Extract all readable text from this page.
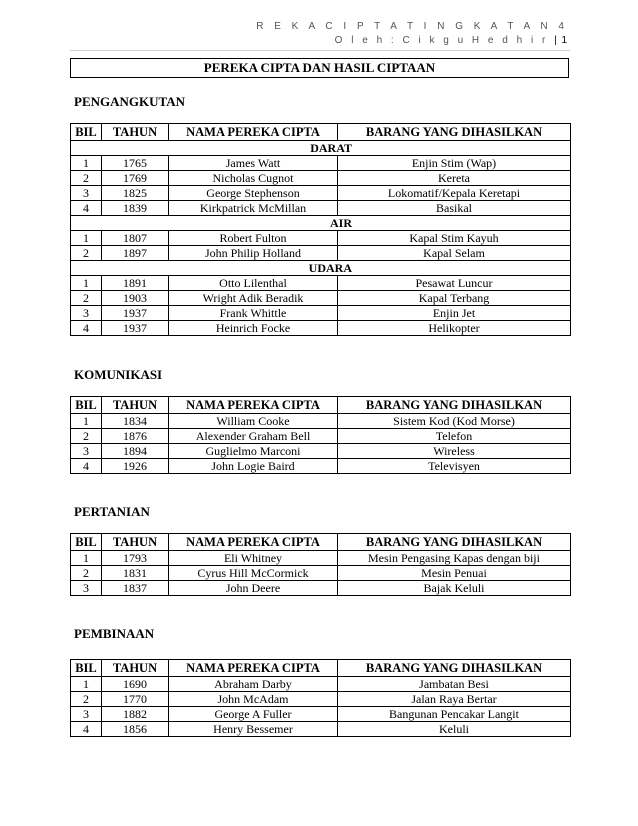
R E K A C I P T A T I N G K A T A N 4
O l e h : C i k g u H e d h i r | 1
PEREKA CIPTA DAN HASIL CIPTAAN
PENGANGKUTAN
BIL	TAHUN	NAMA PEREKA CIPTA	BARANG YANG DIHASILKAN
DARAT			
1	1765	James Watt	Enjin Stim (Wap)
2	1769	Nicholas Cugnot	Kereta
3	1825	George Stephenson	Lokomatif/Kepala Keretapi
4	1839	Kirkpatrick McMillan	Basikal
AIR			
1	1807	Robert Fulton	Kapal Stim Kayuh
2	1897	John Philip Holland	Kapal Selam
UDARA			
1	1891	Otto Lilenthal	Pesawat Luncur
2	1903	Wright Adik Beradik	Kapal Terbang
3	1937	Frank Whittle	Enjin Jet
4	1937	Heinrich Focke	Helikopter
KOMUNIKASI
BIL	TAHUN	NAMA PEREKA CIPTA	BARANG YANG DIHASILKAN
1	1834	William Cooke	Sistem Kod (Kod Morse)
2	1876	Alexender Graham Bell	Telefon
3	1894	Guglielmo Marconi	Wireless
4	1926	John Logie Baird	Televisyen
PERTANIAN
BIL	TAHUN	NAMA PEREKA CIPTA	BARANG YANG DIHASILKAN
1	1793	Eli Whitney	Mesin Pengasing Kapas dengan biji
2	1831	Cyrus Hill McCormick	Mesin Penuai
3	1837	John Deere	Bajak Keluli
PEMBINAAN
BIL	TAHUN	NAMA PEREKA CIPTA	BARANG YANG DIHASILKAN
1	1690	Abraham Darby	Jambatan Besi
2	1770	John McAdam	Jalan Raya Bertar
3	1882	George A Fuller	Bangunan Pencakar Langit
4	1856	Henry Bessemer	Keluli
